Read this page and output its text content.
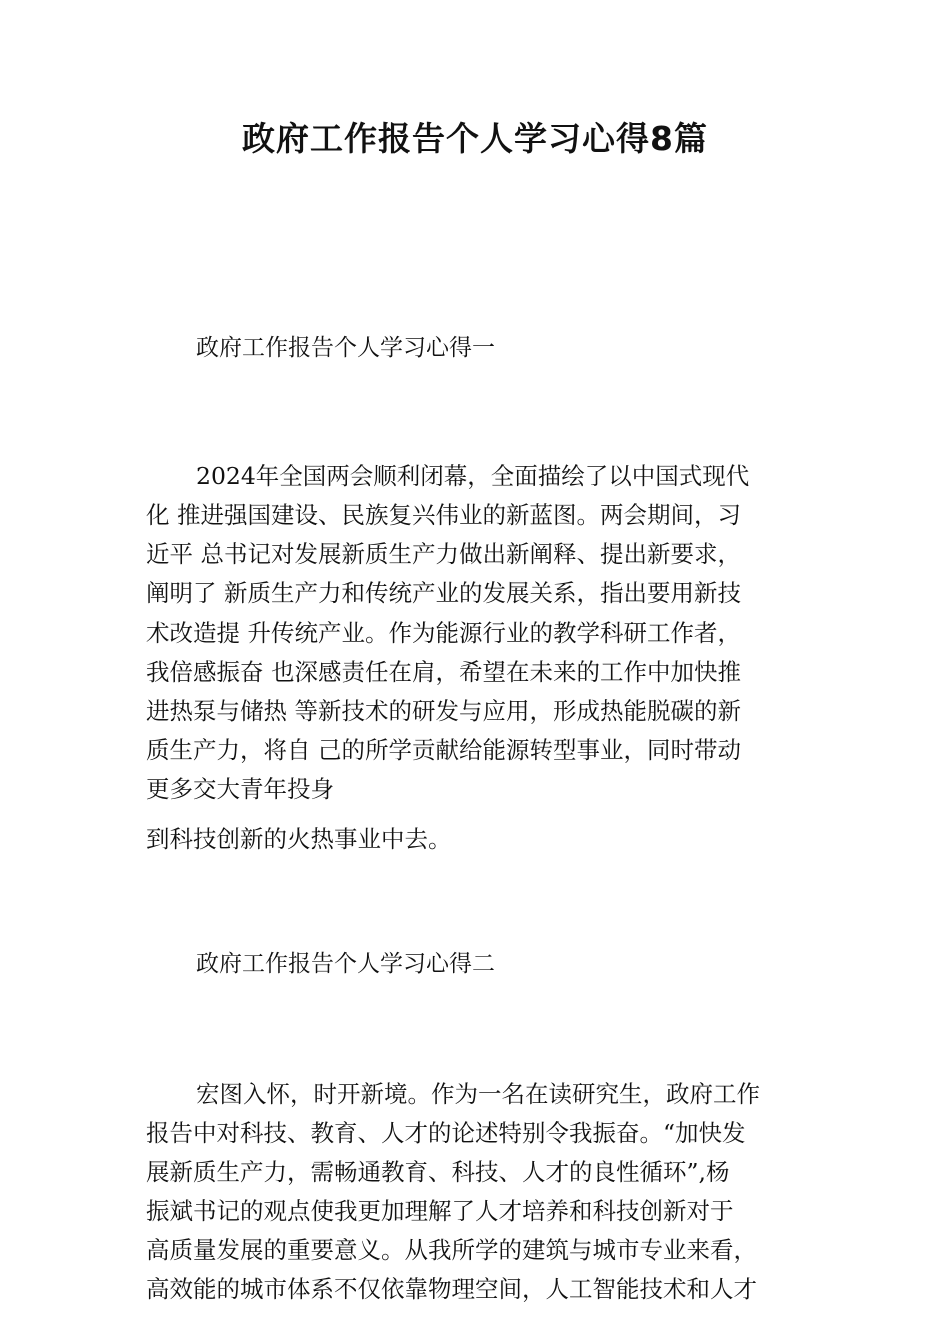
政府工作报告个人学习心得8篇
政府工作报告个人学习心得一

2024年全国两会顺利闭幕，全面描绘了以中国式现代

化 推进强国建设、民族复兴伟业的新蓝图。两会期间，习

近平 总书记对发展新质生产力做出新阐释、提出新要求，

阐明了 新质生产力和传统产业的发展关系，指出要用新技

术改造提 升传统产业。作为能源行业的教学科研工作者，

我倍感振奋 也深感责任在肩，希望在未来的工作中加快推

进热泵与储热 等新技术的研发与应用，形成热能脱碳的新

质生产力，将自 己的所学贡献给能源转型事业，同时带动

更多交大青年投身

到科技创新的火热事业中去。

政府工作报告个人学习心得二

宏图入怀，时开新境。作为一名在读研究生，政府工作

报告中对科技、教育、人才的论述特别令我振奋。“加快发

展新质生产力，需畅通教育、科技、人才的良性循环”,杨

振斌书记的观点使我更加理解了人才培养和科技创新对于

高质量发展的重要意义。从我所学的建筑与城市专业来看，

高效能的城市体系不仅依靠物理空间，人工智能技术和人才
